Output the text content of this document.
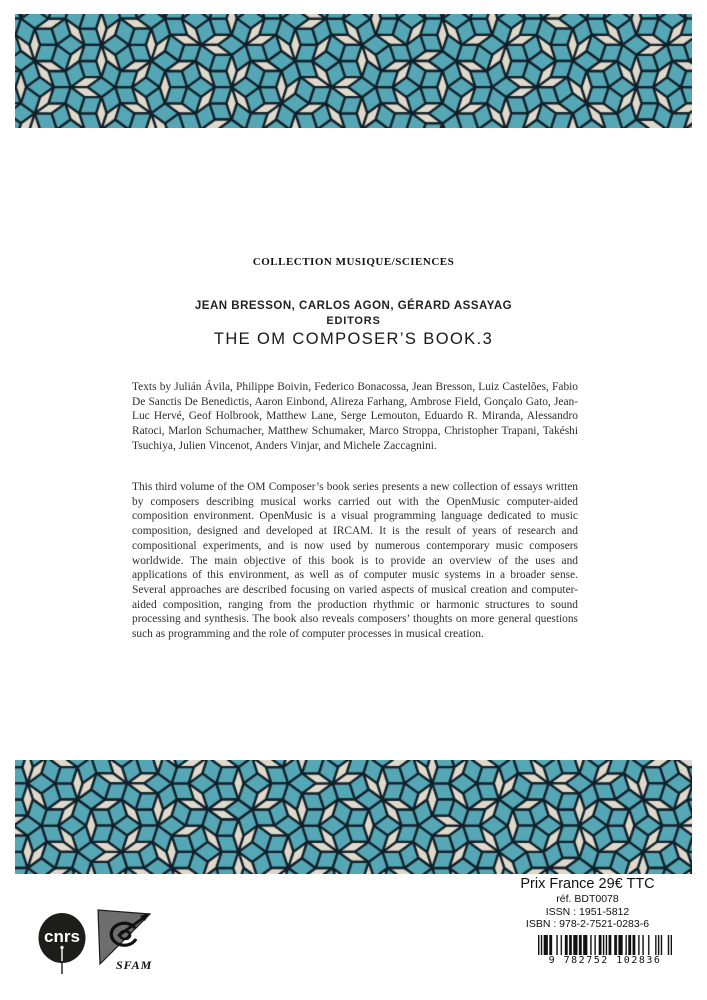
COLLECTION MUSIQUE/SCIENCES
JEAN BRESSON, CARLOS AGON, GÉRARD ASSAYAG
EDITORS
THE OM COMPOSER’S BOOK.3
Texts by Julián Ávila, Philippe Boivin, Federico Bonacossa, Jean Bresson, Luiz Castelões, Fabio De Sanctis De Benedictis, Aaron Einbond, Alireza Farhang, Ambrose Field, Gonçalo Gato, Jean-Luc Hervé, Geof Holbrook, Matthew Lane, Serge Lemouton, Eduardo R. Miranda, Alessandro Ratoci, Marlon Schumacher, Matthew Schumaker, Marco Stroppa, Christopher Trapani, Takéshi Tsuchiya, Julien Vincenot, Anders Vinjar, and Michele Zaccagnini.
This third volume of the OM Composer’s book series presents a new collection of essays written by composers describing musical works carried out with the OpenMusic computer-aided composition environment. OpenMusic is a visual programming language dedicated to music composition, designed and developed at IRCAM. It is the result of years of research and compositional experiments, and is now used by numerous contemporary music composers worldwide. The main objective of this book is to provide an overview of the uses and applications of this environment, as well as of computer music systems in a broader sense. Several approaches are described focusing on varied aspects of musical creation and computer-aided composition, ranging from the production rhythmic or harmonic structures to sound processing and synthesis. The book also reveals composers’ thoughts on more general questions such as programming and the role of computer processes in musical creation.
Prix France 29€ TTC
réf. BDT0078
ISSN : 1951-5812
ISBN : 978-2-7521-0283-6
9 782752 102836
cnrs
SFAM
